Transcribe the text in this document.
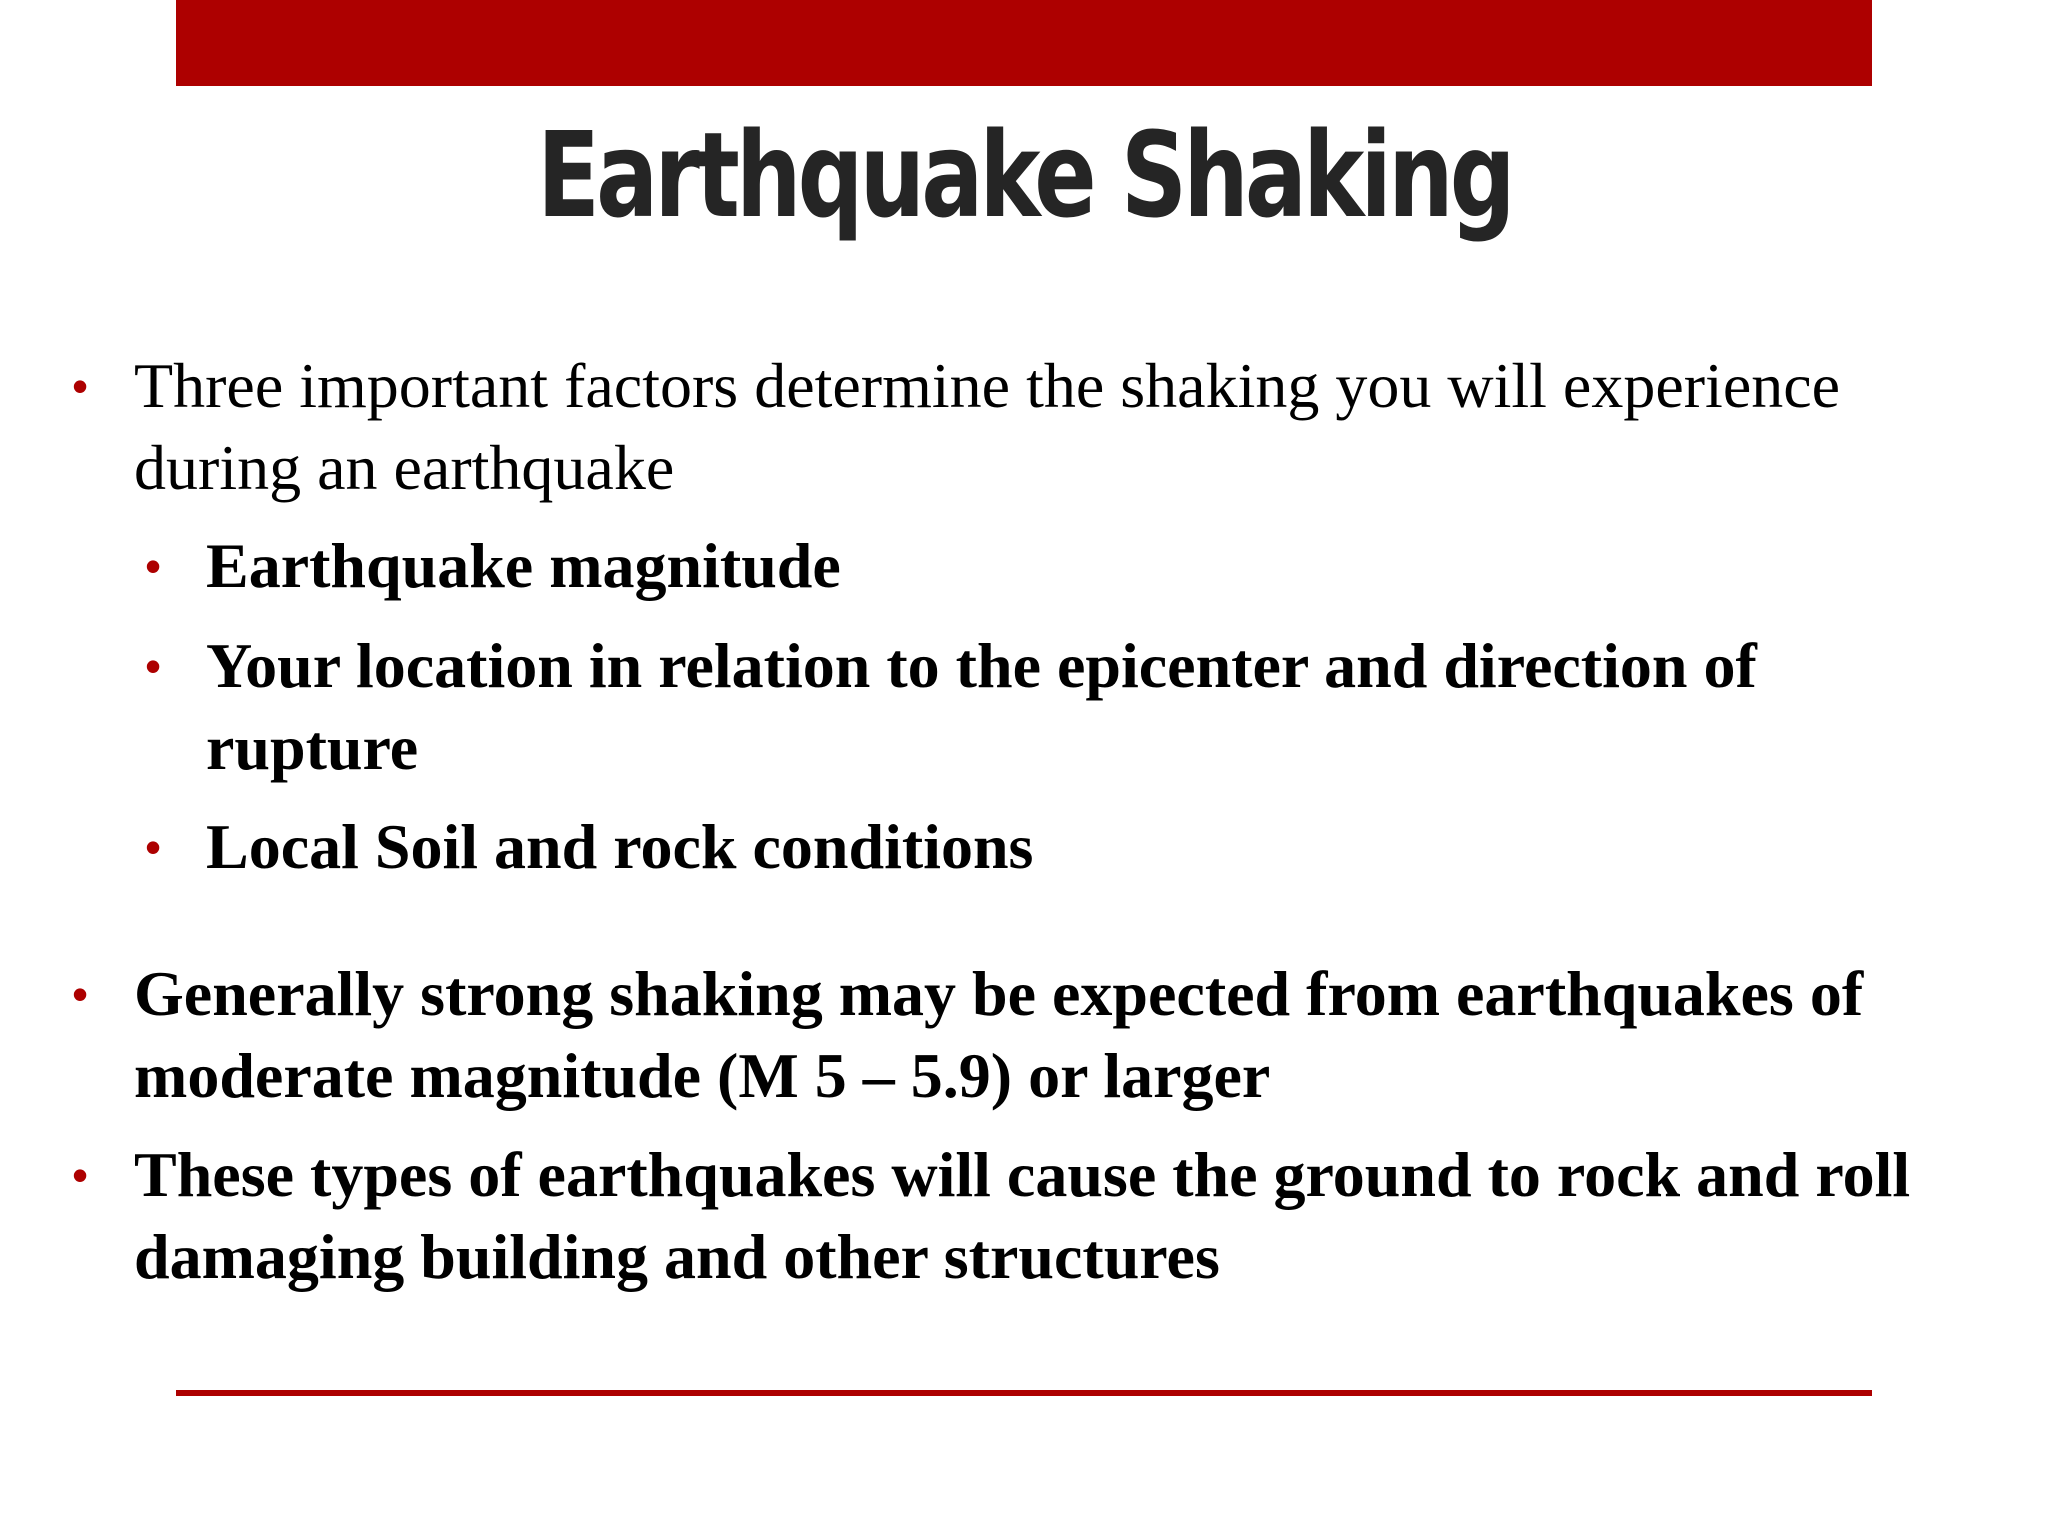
Earthquake Shaking
• Three important factors determine the shaking you will experience during an earthquake

• Earthquake magnitude

• Your location in relation to the epicenter and direction of rupture

• Local Soil and rock conditions

• Generally strong shaking may be expected from earthquakes of moderate magnitude (M 5 – 5.9) or larger

• These types of earthquakes will cause the ground to rock and roll damaging building and other structures
